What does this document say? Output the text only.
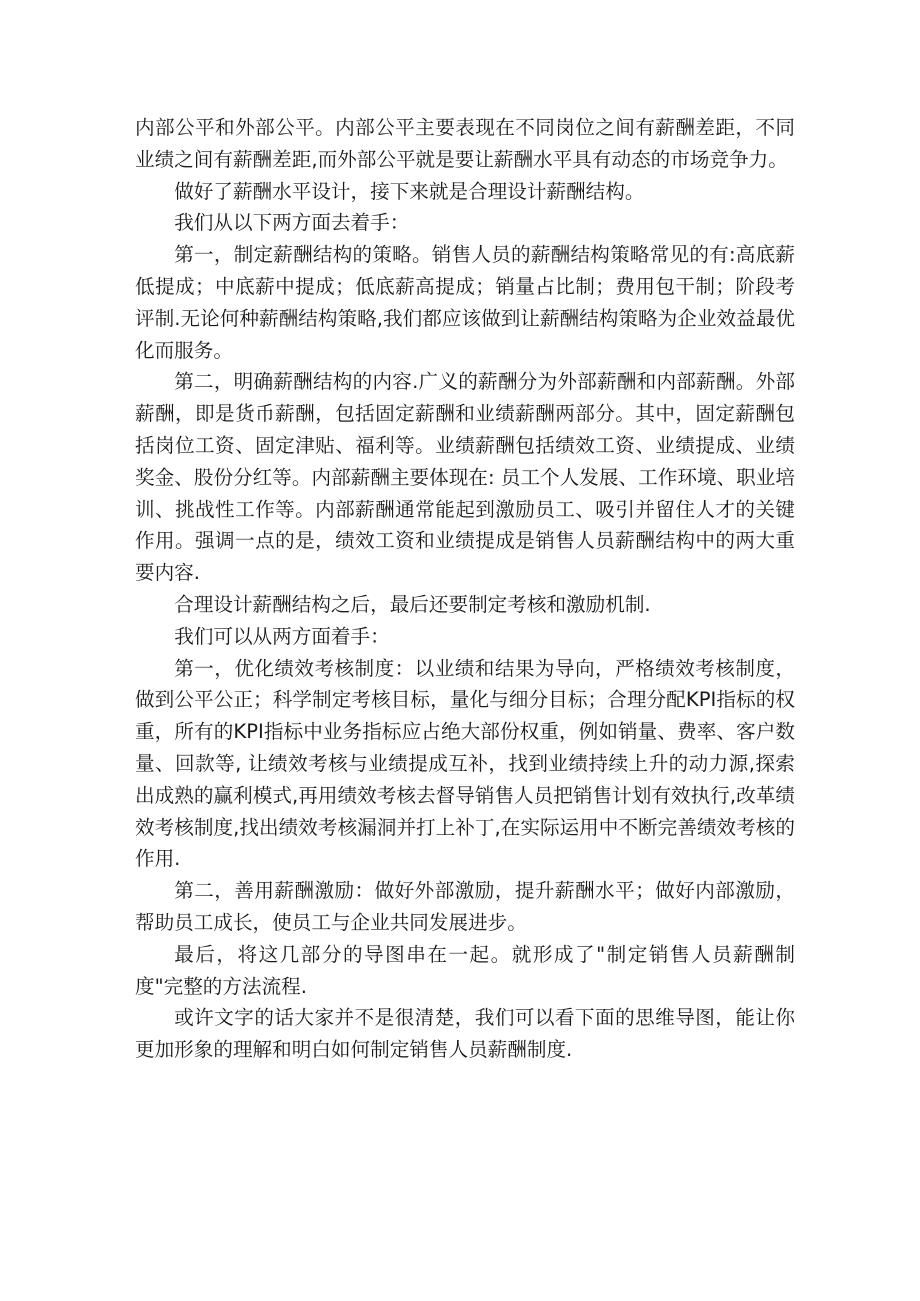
内部公平和外部公平。内部公平主要表现在不同岗位之间有薪酬差距，不同业绩之间有薪酬差距,而外部公平就是要让薪酬水平具有动态的市场竞争力。

做好了薪酬水平设计，接下来就是合理设计薪酬结构。

我们从以下两方面去着手：

第一，制定薪酬结构的策略。销售人员的薪酬结构策略常见的有:高底薪低提成；中底薪中提成；低底薪高提成；销量占比制；费用包干制；阶段考评制.无论何种薪酬结构策略,我们都应该做到让薪酬结构策略为企业效益最优化而服务。

第二，明确薪酬结构的内容.广义的薪酬分为外部薪酬和内部薪酬。外部薪酬，即是货币薪酬，包括固定薪酬和业绩薪酬两部分。其中，固定薪酬包括岗位工资、固定津贴、福利等。业绩薪酬包括绩效工资、业绩提成、业绩奖金、股份分红等。内部薪酬主要体现在: 员工个人发展、工作环境、职业培训、挑战性工作等。内部薪酬通常能起到激励员工、吸引并留住人才的关键作用。强调一点的是，绩效工资和业绩提成是销售人员薪酬结构中的两大重要内容.

合理设计薪酬结构之后，最后还要制定考核和激励机制.

我们可以从两方面着手：

第一，优化绩效考核制度：以业绩和结果为导向，严格绩效考核制度，做到公平公正；科学制定考核目标，量化与细分目标；合理分配KPI指标的权重，所有的KPI指标中业务指标应占绝大部份权重，例如销量、费率、客户数量、回款等, 让绩效考核与业绩提成互补，找到业绩持续上升的动力源,探索出成熟的赢利模式,再用绩效考核去督导销售人员把销售计划有效执行,改革绩效考核制度,找出绩效考核漏洞并打上补丁,在实际运用中不断完善绩效考核的作用.

第二，善用薪酬激励：做好外部激励，提升薪酬水平；做好内部激励，帮助员工成长，使员工与企业共同发展进步。

最后，将这几部分的导图串在一起。就形成了"制定销售人员薪酬制度"完整的方法流程.

或许文字的话大家并不是很清楚，我们可以看下面的思维导图，能让你更加形象的理解和明白如何制定销售人员薪酬制度.
